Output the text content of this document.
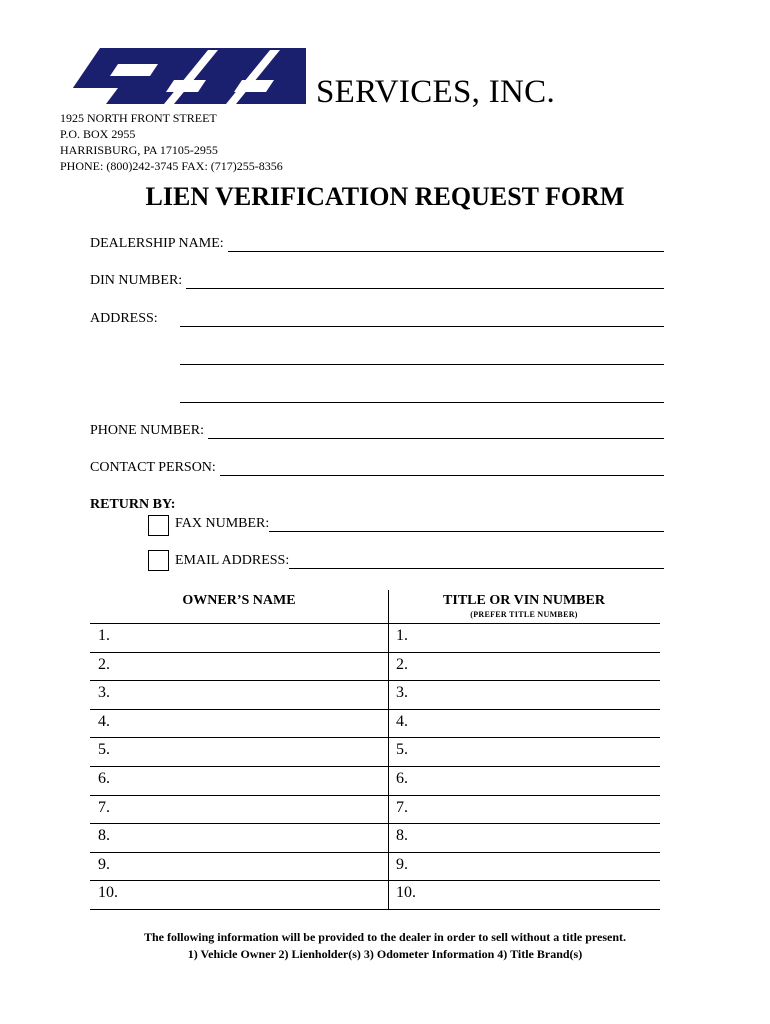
SERVICES, INC.
1925 NORTH FRONT STREET
P.O. BOX 2955
HARRISBURG, PA 17105-2955
PHONE: (800)242-3745 FAX: (717)255-8356
LIEN VERIFICATION REQUEST FORM
DEALERSHIP NAME:
DIN NUMBER:
ADDRESS:
PHONE NUMBER:
CONTACT PERSON:
RETURN BY:
FAX NUMBER:
EMAIL ADDRESS:
OWNER’S NAME	TITLE OR VIN NUMBER
(PREFER TITLE NUMBER)
1.	1.
2.	2.
3.	3.
4.	4.
5.	5.
6.	6.
7.	7.
8.	8.
9.	9.
10.	10.
The following information will be provided to the dealer in order to sell without a title present.
1) Vehicle Owner 2) Lienholder(s) 3) Odometer Information 4) Title Brand(s)
